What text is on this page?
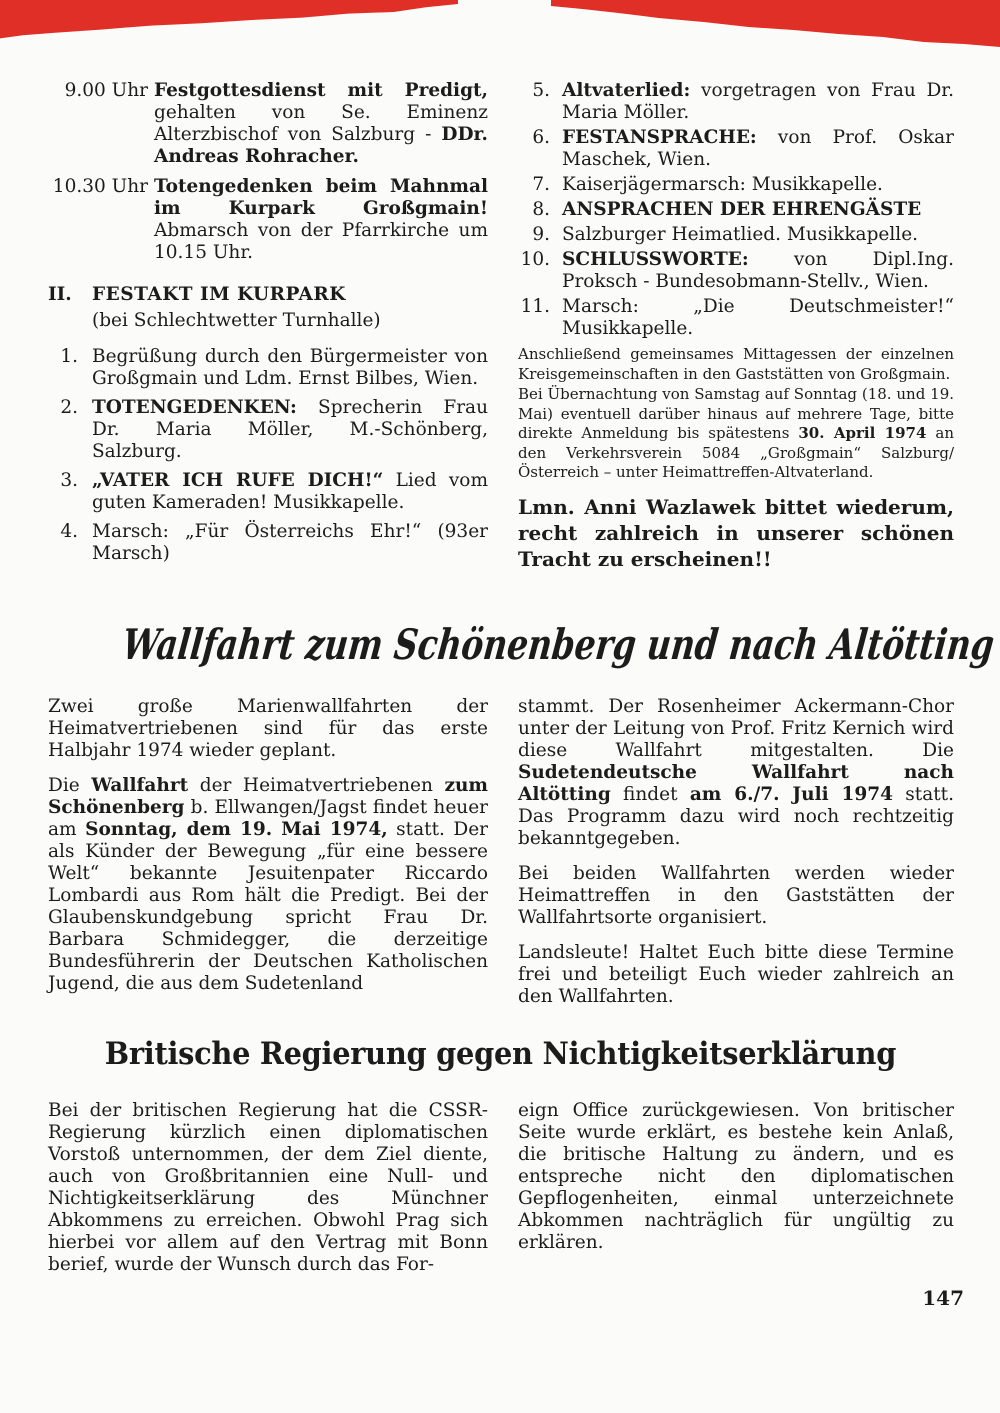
9.00 Uhr Festgottesdienst mit Predigt, gehalten von Se. Eminenz Alterzbischof von Salzburg - DDr. Andreas Rohracher.
10.30 Uhr Totengedenken beim Mahnmal im Kurpark Großgmain! Abmarsch von der Pfarrkirche um 10.15 Uhr.
II.	FESTAKT IM KURPARK
(bei Schlechtwetter Turnhalle)
1. Begrüßung durch den Bürgermeister von Großgmain und Ldm. Ernst Bilbes, Wien.
2. TOTENGEDENKEN: Sprecherin Frau Dr. Maria Möller, M.-Schönberg, Salzburg.
3. „VATER ICH RUFE DICH!“ Lied vom guten Kameraden! Musikkapelle.
4. Marsch: „Für Österreichs Ehr!“ (93er Marsch)
5. Altvaterlied: vorgetragen von Frau Dr. Maria Möller.
6. FESTANSPRACHE: von Prof. Oskar Maschek, Wien.
7. Kaiserjägermarsch: Musikkapelle.
8. ANSPRACHEN DER EHRENGÄSTE
9. Salzburger Heimatlied. Musikkapelle.
10. SCHLUSSWORTE: von Dipl.Ing. Proksch - Bundesobmann-Stellv., Wien.
11. Marsch: „Die Deutschmeister!“ Musikkapelle.

Anschließend gemeinsames Mittagessen der einzelnen Kreisgemeinschaften in den Gaststätten von Großgmain.

Bei Übernachtung von Samstag auf Sonntag (18. und 19. Mai) eventuell darüber hinaus auf mehrere Tage, bitte direkte Anmeldung bis spätestens 30. April 1974 an den Verkehrsverein 5084 „Großgmain“ Salzburg/Österreich – unter Heimattreffen-Altvaterland.

Lmn. Anni Wazlawek bittet wiederum, recht zahlreich in unserer schönen Tracht zu erscheinen!!
Wallfahrt zum Schönenberg und nach Altötting

Zwei große Marienwallfahrten der Heimatvertriebenen sind für das erste Halbjahr 1974 wieder geplant.

Die Wallfahrt der Heimatvertriebenen zum Schönenberg b. Ellwangen/Jagst findet heuer am Sonntag, dem 19. Mai 1974, statt. Der als Künder der Bewegung „für eine bessere Welt“ bekannte Jesuitenpater Riccardo Lombardi aus Rom hält die Predigt. Bei der Glaubenskundgebung spricht Frau Dr. Barbara Schmidegger, die derzeitige Bundesführerin der Deutschen Katholischen Jugend, die aus dem Sudetenland

stammt. Der Rosenheimer Ackermann-Chor unter der Leitung von Prof. Fritz Kernich wird diese Wallfahrt mitgestalten. Die Sudetendeutsche Wallfahrt nach Altötting findet am 6./7. Juli 1974 statt. Das Programm dazu wird noch rechtzeitig bekanntgegeben.

Bei beiden Wallfahrten werden wieder Heimattreffen in den Gaststätten der Wallfahrtsorte organisiert.

Landsleute! Haltet Euch bitte diese Termine frei und beteiligt Euch wieder zahlreich an den Wallfahrten.

Britische Regierung gegen Nichtigkeitserklärung

Bei der britischen Regierung hat die CSSR-Regierung kürzlich einen diplomatischen Vorstoß unternommen, der dem Ziel diente, auch von Großbritannien eine Null- und Nichtigkeitserklärung des Münchner Abkommens zu erreichen. Obwohl Prag sich hierbei vor allem auf den Vertrag mit Bonn berief, wurde der Wunsch durch das For-

eign Office zurückgewiesen. Von britischer Seite wurde erklärt, es bestehe kein Anlaß, die britische Haltung zu ändern, und es entspreche nicht den diplomatischen Gepflogenheiten, einmal unterzeichnete Abkommen nachträglich für ungültig zu erklären.

147
